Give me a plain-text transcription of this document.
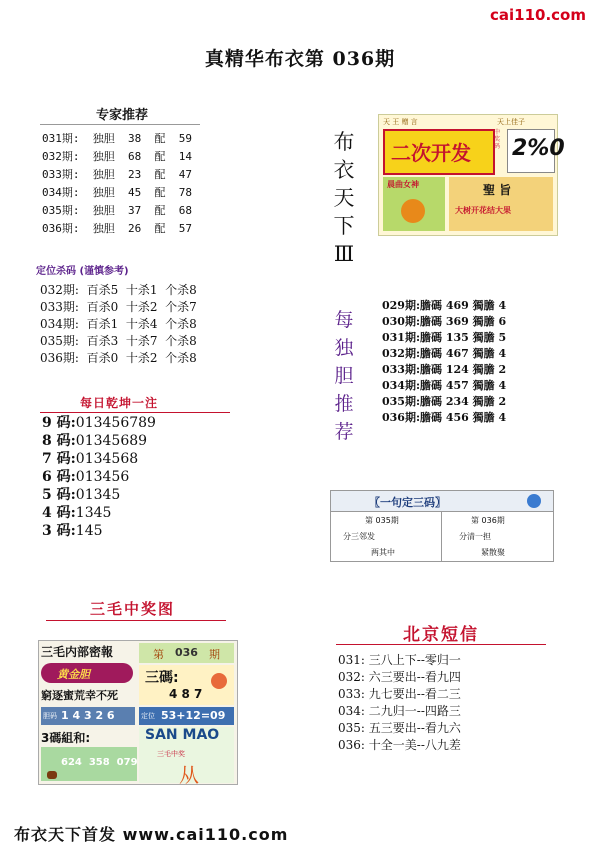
cai110.com
真精华布衣第 036期
专家推荐
031期:  独胆  38  配  59
032期:  独胆  68  配  14
033期:  独胆  23  配  47
034期:  独胆  45  配  78
035期:  独胆  37  配  68
036期:  独胆  26  配  57
定位杀码 (谨慎参考)
032期:  百杀5  十杀1  个杀8
033期:  百杀0  十杀2  个杀7
034期:  百杀1  十杀4  个杀8
035期:  百杀3  十杀7  个杀8
036期:  百杀0  十杀2  个杀8
每日乾坤一注
9 码:013456789
8 码:01345689
7 码:0134568
6 码:013456
5 码:01345
4 码:1345
3 码:145
三毛中奖图
三毛内部密報
黄金胆
窮逐蜜荒幸不死
胆码 1 4 3 2 6
3碼組和:
624  358  079
第 036 期
三碼:
4 8 7
定位 53+12=09
SAN MAO
三毛中奖
从
布
衣
天
下
Ⅲ
天 王 赠 言	天上佳子
二次开发
中奖码 2%0
晨曲女神	聖 旨
大树开花结大果
每
独
胆
推
荐
029期:膽碼 469 獨膽 4
030期:膽碼 369 獨膽 6
031期:膽碼 135 獨膽 5
032期:膽碼 467 獨膽 4
033期:膽碼 124 獨膽 2
034期:膽碼 457 獨膽 4
035期:膽碼 234 獨膽 2
036期:膽碼 456 獨膽 4
〖一句定三码〗
第 035期
分三邻发
两其中
第 036期
分清一担
紧散聚
北京短信
031: 三八上下--零归一
032: 六三要出--看九四
033: 九七要出--看二三
034: 二九归一--四路三
035: 五三要出--看九六
036: 十全一美--八九差
布衣天下首发 www.cai110.com
